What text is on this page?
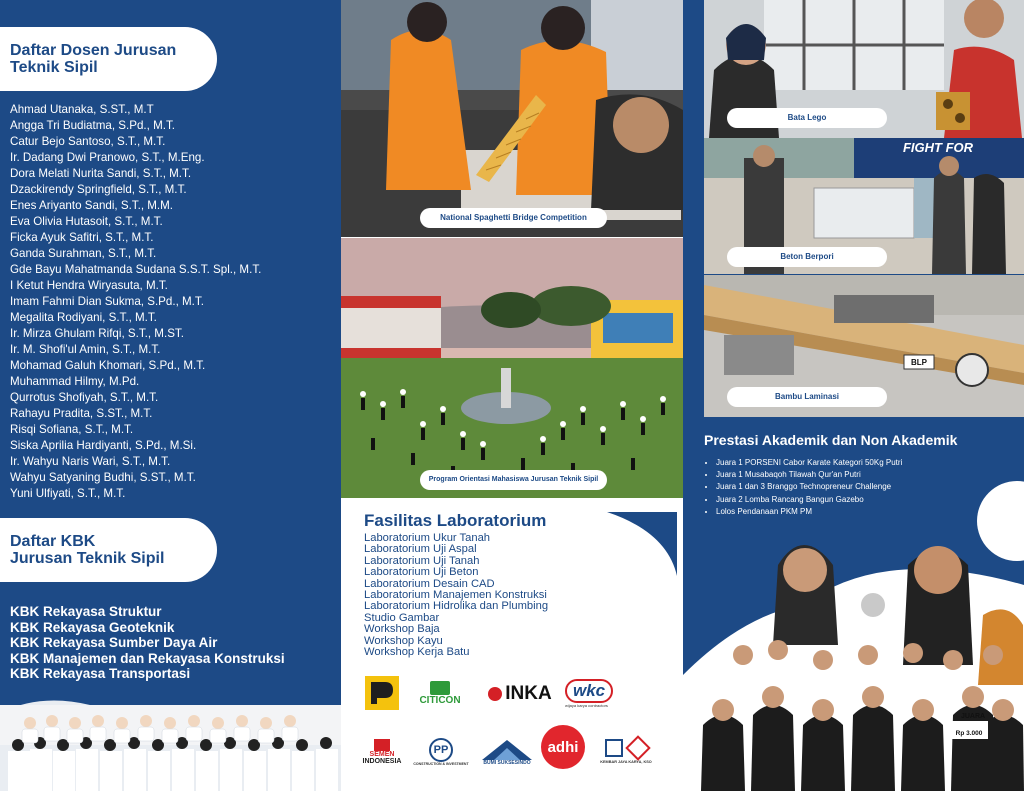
Daftar Dosen Jurusan
Teknik Sipil
Ahmad Utanaka, S.ST., M.T
Angga Tri Budiatma, S.Pd., M.T.
Catur Bejo Santoso, S.T., M.T.
Ir. Dadang Dwi Pranowo, S.T., M.Eng.
Dora Melati Nurita Sandi, S.T., M.T.
Dzackirendy Springfield, S.T., M.T.
Enes Ariyanto Sandi, S.T., M.M.
Eva Olivia Hutasoit, S.T., M.T.
Ficka Ayuk Safitri, S.T., M.T.
Ganda Surahman, S.T., M.T.
Gde Bayu Mahatmanda Sudana S.S.T. Spl., M.T.
I Ketut Hendra Wiryasuta, M.T.
Imam Fahmi Dian Sukma, S.Pd., M.T.
Megalita Rodiyani, S.T., M.T.
Ir. Mirza Ghulam Rifqi, S.T., M.ST.
Ir. M. Shofi'ul Amin, S.T., M.T.
Mohamad Galuh Khomari, S.Pd., M.T.
Muhammad Hilmy, M.Pd.
Qurrotus Shofiyah, S.T., M.T.
Rahayu Pradita, S.ST., M.T.
Risqi Sofiana, S.T., M.T.
Siska Aprilia Hardiyanti, S.Pd., M.Si.
Ir. Wahyu Naris Wari, S.T., M.T.
Wahyu Satyaning Budhi, S.ST., M.T.
Yuni Ulfiyati, S.T., M.T.
Daftar KBK
Jurusan Teknik Sipil
KBK Rekayasa Struktur
KBK Rekayasa Geoteknik
KBK Rekayasa Sumber Daya Air
KBK Manajemen dan Rekayasa Konstruksi
KBK Rekayasa Transportasi
National Spaghetti Bridge Competition
Program Orientasi Mahasiswa Jurusan Teknik Sipil
Fasilitas Laboratorium
Laboratorium Ukur Tanah
Laboratorium Uji Aspal
Laboratorium Uji Tanah
Laboratorium Uji Beton
Laboratorium Desain CAD
Laboratorium Manajemen Konstruksi
Laboratorium Hidrolika dan Plumbing
Studio Gambar
Workshop Baja
Workshop Kayu
Workshop Kerja Batu
CITICON INKA	wkc
wijaya karya contractors
SEMEN
INDONESIA
PP
CONSTRUCTION & INVESTMENT	BUMI SUKSESINDO
adhi
KEMBAR JAYA KARYA, KSO
Bata Lego
FIGHT FOR
Beton Berpori
BLP
Bambu Laminasi
Prestasi Akademik dan Non Akademik
• Juara 1 PORSENI Cabor Karate Kategori 50Kg Putri
• Juara 1 Musabaqoh Tilawah Qur'an Putri
• Juara 1 dan 3 Branggo Technopreneur Challenge
• Juara 2 Lomba Rancang Bangun Gazebo
• Lolos Pendanaan PKM PM
JUARA
Rp 3.000
